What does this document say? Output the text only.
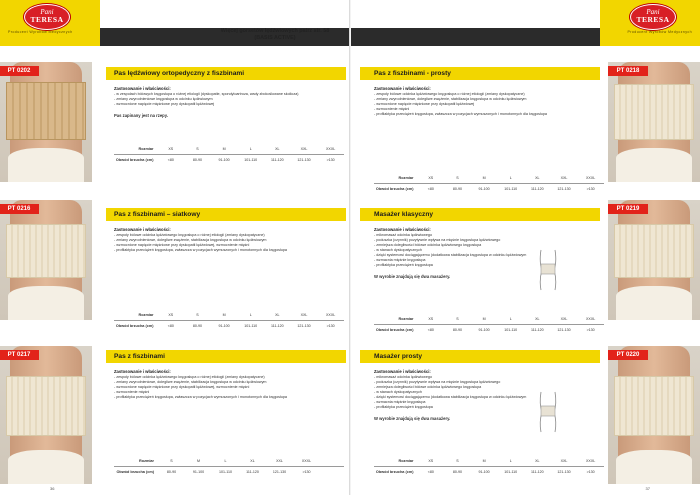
Pani
TERESA
Producent Wyrobów Medycznych	Więcej gorsetów lędźwiowych patrz str. 58
(BASIS ACTIVE)
PT 0202
PT 0216
PT 0217
Pas lędźwiowy ortopedyczny z fiszbinami
Zastosowanie i właściwości:
- w zespołach bólowych kręgosłupa o różnej etiologii (dyskopatie, spondyloartroza, wady zbokoślowane skolioza)
- zmiany zwyrodnieniowe kręgosłupa w odcinku lędźwiowym
- wzmocnione napięcie mięśniowe przy dyskopatii lędźwiowej
Pas zapinany jest na rzepy.
Rozmiar	XS	S	M	L	XL	XXL	XXXL
Obwód brzucha (cm)	<80	80-90	91-100	101-110	111-120	121-130	>130
Pas z fiszbinami – siatkowy
Zastosowanie i właściwości:
- zespoły bólowe odcinka lędźwiowego kręgosłupa o różnej etiologii (zmiany dyskopatyczne)
- zmiany zwyrodnieniowe, dolegliwe zwężenie, stabilizacja kręgosłupa w odcinku lędźwiowym
- wzmocnione napięcie mięśniowe przy dyskopatii lędźwiowej, wzmocnienie mięśni
- profilaktyka przeciążeń kręgosłupa, zwłaszcza w pozycjach wymuszonych i monotonnych dla kręgosłupa
Rozmiar	XS	S	M	L	XL	XXL	XXXL
Obwód brzucha (cm)	<80	80-90	91-100	101-110	111-120	121-130	>130
Pas z fiszbinami
Zastosowanie i właściwości:
- zespoły bólowe odcinka lędźwiowego kręgosłupa o różnej etiologii (zmiany dyskopatyczne)
- zmiany zwyrodnieniowe, dolegliwe zwężenie, stabilizacja kręgosłupa w odcinku lędźwiowym
- wzmocnione napięcie mięśniowe przy dyskopatii lędźwiowej, wzmocnienie mięśni
- wzmocnienie mięśni
- profilaktyka przeciążeń kręgosłupa, zwłaszcza w pozycjach wymuszonych i monotonnych dla kręgosłupa
Rozmiar	S	M	L	XL	XXL	XXXL
Obwód brzucha (cm)	80-90	91-100	101-110	111-120	121-130	>130
36
Pani
TERESA
Producent Wyrobów Medycznych
PT 0218
PT 0219
PT 0220
Pas z fiszbinami - prosty
Zastosowanie i właściwości:
- zespoły bólowe odcinka lędźwiowego kręgosłupa o różnej etiologii (zmiany dyskopatyczne)
- zmiany zwyrodnieniowe, dolegliwe zwężenie, stabilizacja kręgosłupa w odcinku lędźwiowym
- wzmocnione napięcie mięśniowe przy dyskopatii lędźwiowej
- wzmocnienie mięśni
- profilaktyka przeciążeń kręgosłupa, zwłaszcza w pozycjach wymuszonych i monotonnych dla kręgosłupa
Rozmiar	XS	S	M	L	XL	XXL	XXXL
Obwód brzucha (cm)	<80	80-90	91-100	101-110	111-120	121-130	>130
Masażer klasyczny
Zastosowanie i właściwości:
- mikromasaż odcinka lędźwiowego
- poduszka (czynnik) pozytywnie wpływa na mięśnie kręgosłupa lędźwiowego
- zmniejsza dolegliwości bólowe odcinka lędźwiowego kręgosłupa
- w stanach dyskopatycznych
- dzięki systemowi dociągającemu (dodatkowa stabilizacja kręgosłupa w odcinku lędźwiowym
- wzmacnia mięśnie kręgosłupa
- profilaktyka przeciążeń kręgosłupa
W wyrobie znajdują się dwa masażery.
Rozmiar	XS	S	M	L	XL	XXL	XXXL
Obwód brzucha (cm)	<80	80-90	91-100	101-110	111-120	121-130	>130
Masażer prosty
Zastosowanie i właściwości:
- mikromasaż odcinka lędźwiowego
- poduszka (czynnik) pozytywnie wpływa na mięśnie kręgosłupa lędźwiowego
- zmniejsza dolegliwości bólowe odcinka lędźwiowego kręgosłupa
- w stanach dyskopatycznych
- dzięki systemowi dociągającemu (dodatkowa stabilizacja kręgosłupa w odcinku lędźwiowym
- wzmacnia mięśnie kręgosłupa
- profilaktyka przeciążeń kręgosłupa
W wyrobie znajdują się dwa masażery.
Rozmiar	XS	S	M	L	XL	XXL	XXXL
Obwód brzucha (cm)	<80	80-90	91-100	101-110	111-120	121-130	>130
37
